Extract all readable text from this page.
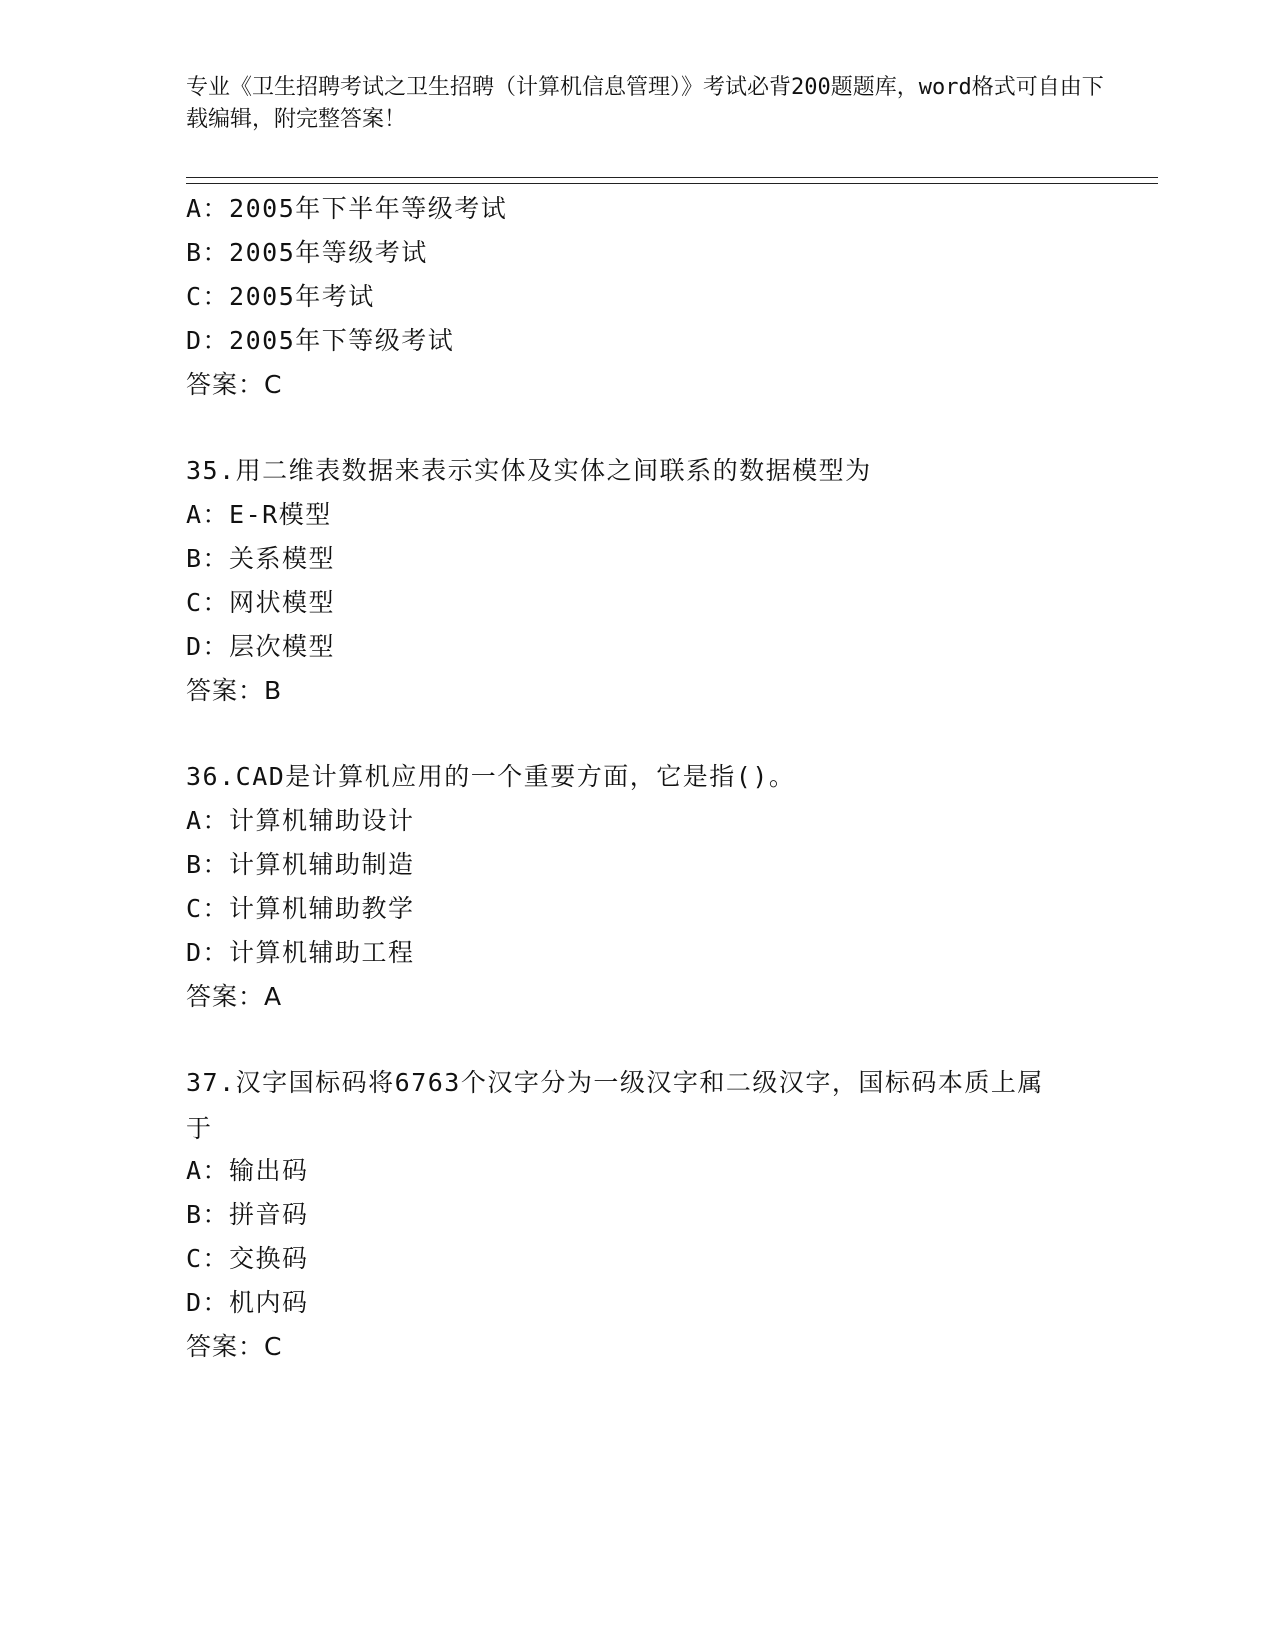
专业《卫生招聘考试之卫生招聘（计算机信息管理）》考试必背200题题库，word格式可自由下载编辑，附完整答案！
A：2005年下半年等级考试
B：2005年等级考试
C：2005年考试
D：2005年下等级考试
答案：C
35.用二维表数据来表示实体及实体之间联系的数据模型为
A：E-R模型
B：关系模型
C：网状模型
D：层次模型
答案：B
36.CAD是计算机应用的一个重要方面，它是指()。
A：计算机辅助设计
B：计算机辅助制造
C：计算机辅助教学
D：计算机辅助工程
答案：A
37.汉字国标码将6763个汉字分为一级汉字和二级汉字，国标码本质上属于
A：输出码
B：拼音码
C：交换码
D：机内码
答案：C
